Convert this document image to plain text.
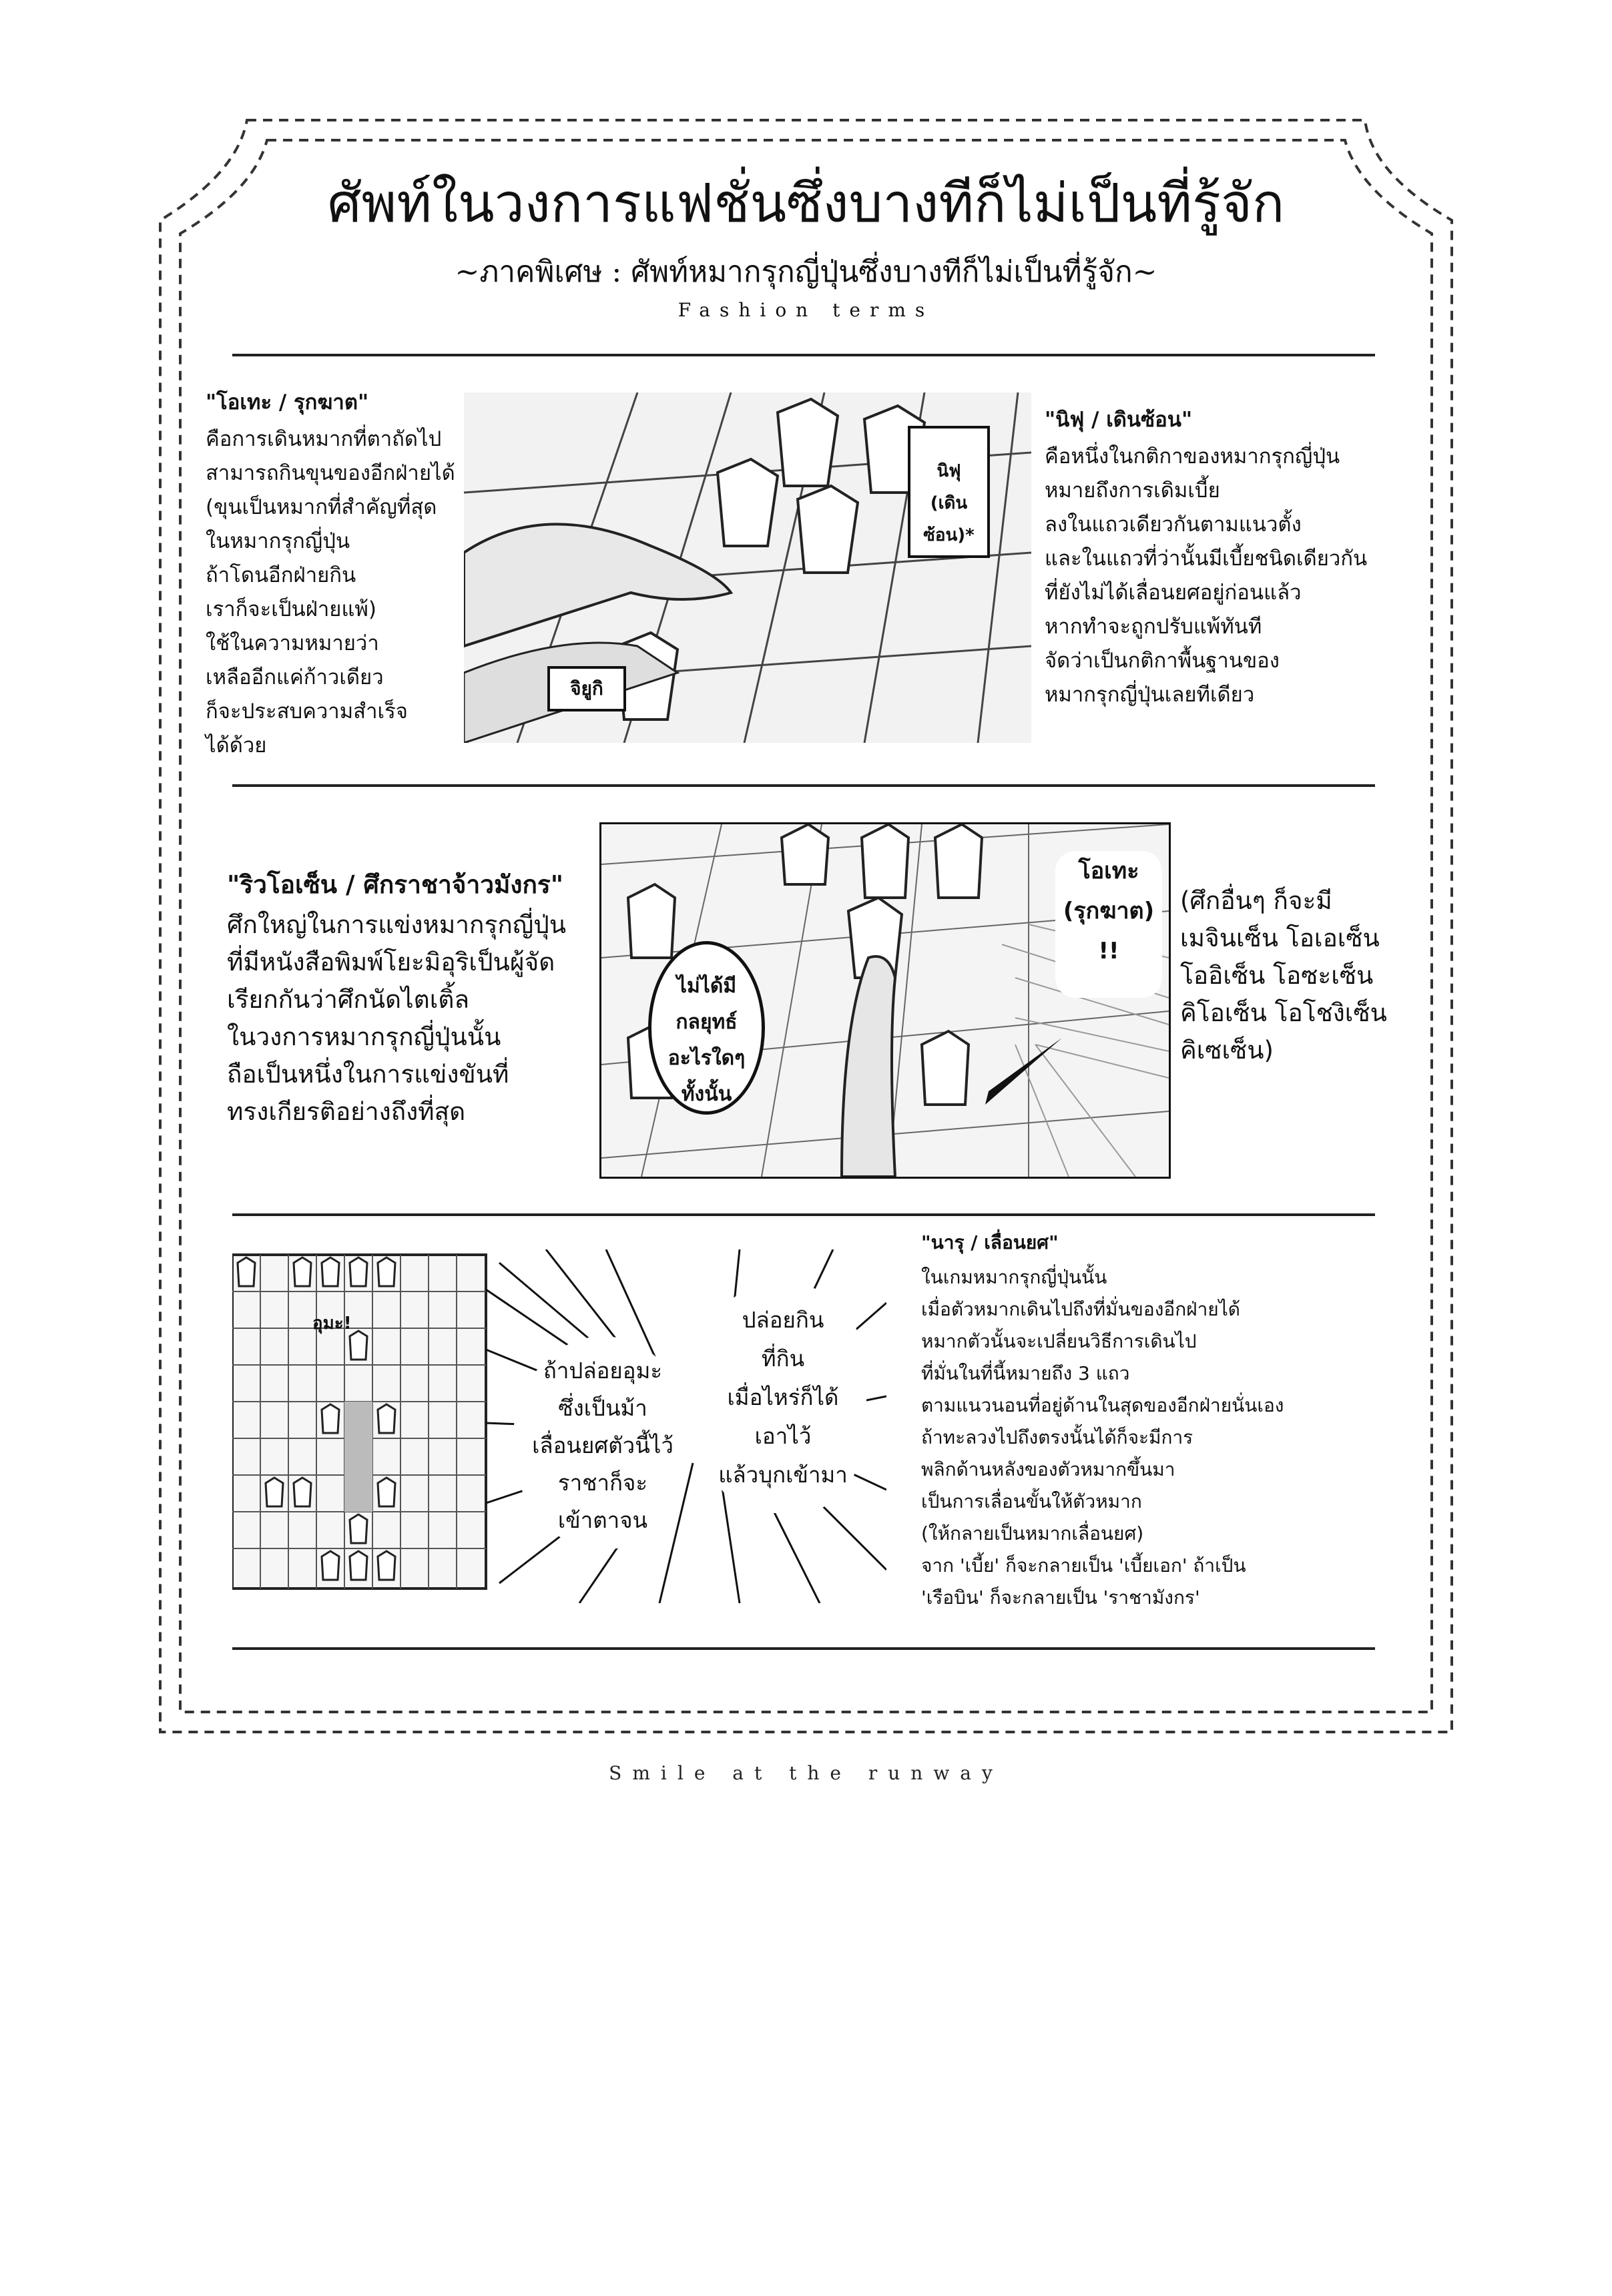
ศัพท์ในวงการแฟชั่นซึ่งบางทีก็ไม่เป็นที่รู้จัก
~ภาคพิเศษ : ศัพท์หมากรุกญี่ปุ่นซึ่งบางทีก็ไม่เป็นที่รู้จัก~
Fashion terms
"โอเทะ / รุกฆาต"
คือการเดินหมากที่ตาถัดไป
สามารถกินขุนของอีกฝ่ายได้
(ขุนเป็นหมากที่สำคัญที่สุด
ในหมากรุกญี่ปุ่น
ถ้าโดนอีกฝ่ายกิน
เราก็จะเป็นฝ่ายแพ้)
ใช้ในความหมายว่า
เหลืออีกแค่ก้าวเดียว
ก็จะประสบความสำเร็จ
ได้ด้วย
นิฟุ
(เดินซ้อน)*
จิยูกิ
"นิฟุ / เดินซ้อน"
คือหนึ่งในกติกาของหมากรุกญี่ปุ่น
หมายถึงการเดิมเบี้ย
ลงในแถวเดียวกันตามแนวตั้ง
และในแถวที่ว่านั้นมีเบี้ยชนิดเดียวกัน
ที่ยังไม่ได้เลื่อนยศอยู่ก่อนแล้ว
หากทำจะถูกปรับแพ้ทันที
จัดว่าเป็นกติกาพื้นฐานของ
หมากรุกญี่ปุ่นเลยทีเดียว
"ริวโอเซ็น / ศึกราชาจ้าวมังกร"
ศึกใหญ่ในการแข่งหมากรุกญี่ปุ่น
ที่มีหนังสือพิมพ์โยะมิอุริเป็นผู้จัด
เรียกกันว่าศึกนัดไตเติ้ล
ในวงการหมากรุกญี่ปุ่นนั้น
ถือเป็นหนึ่งในการแข่งขันที่
ทรงเกียรติอย่างถึงที่สุด
ไม่ได้มี
กลยุทธ์
อะไรใดๆ
ทั้งนั้น
โอเทะ
(รุกฆาต)
!!
(ศึกอื่นๆ ก็จะมี
เมจินเซ็น โอเอเซ็น
โออิเซ็น โอซะเซ็น
คิโอเซ็น โอโชงิเซ็น
คิเซเซ็น)
อุมะ!
ถ้าปล่อยอุมะ
ซึ่งเป็นม้า
เลื่อนยศตัวนี้ไว้
ราชาก็จะ
เข้าตาจน
ปล่อยกิน
ที่กิน
เมื่อไหร่ก็ได้
เอาไว้
แล้วบุกเข้ามา
"นารุ / เลื่อนยศ"
ในเกมหมากรุกญี่ปุ่นนั้น
เมื่อตัวหมากเดินไปถึงที่มั่นของอีกฝ่ายได้
หมากตัวนั้นจะเปลี่ยนวิธีการเดินไป
ที่มั่นในที่นี้หมายถึง 3 แถว
ตามแนวนอนที่อยู่ด้านในสุดของอีกฝ่ายนั่นเอง
ถ้าทะลวงไปถึงตรงนั้นได้ก็จะมีการ
พลิกด้านหลังของตัวหมากขึ้นมา
เป็นการเลื่อนขั้นให้ตัวหมาก
(ให้กลายเป็นหมากเลื่อนยศ)
จาก 'เบี้ย' ก็จะกลายเป็น 'เบี้ยเอก' ถ้าเป็น
'เรือบิน' ก็จะกลายเป็น 'ราชามังกร'
Smile at the runway
